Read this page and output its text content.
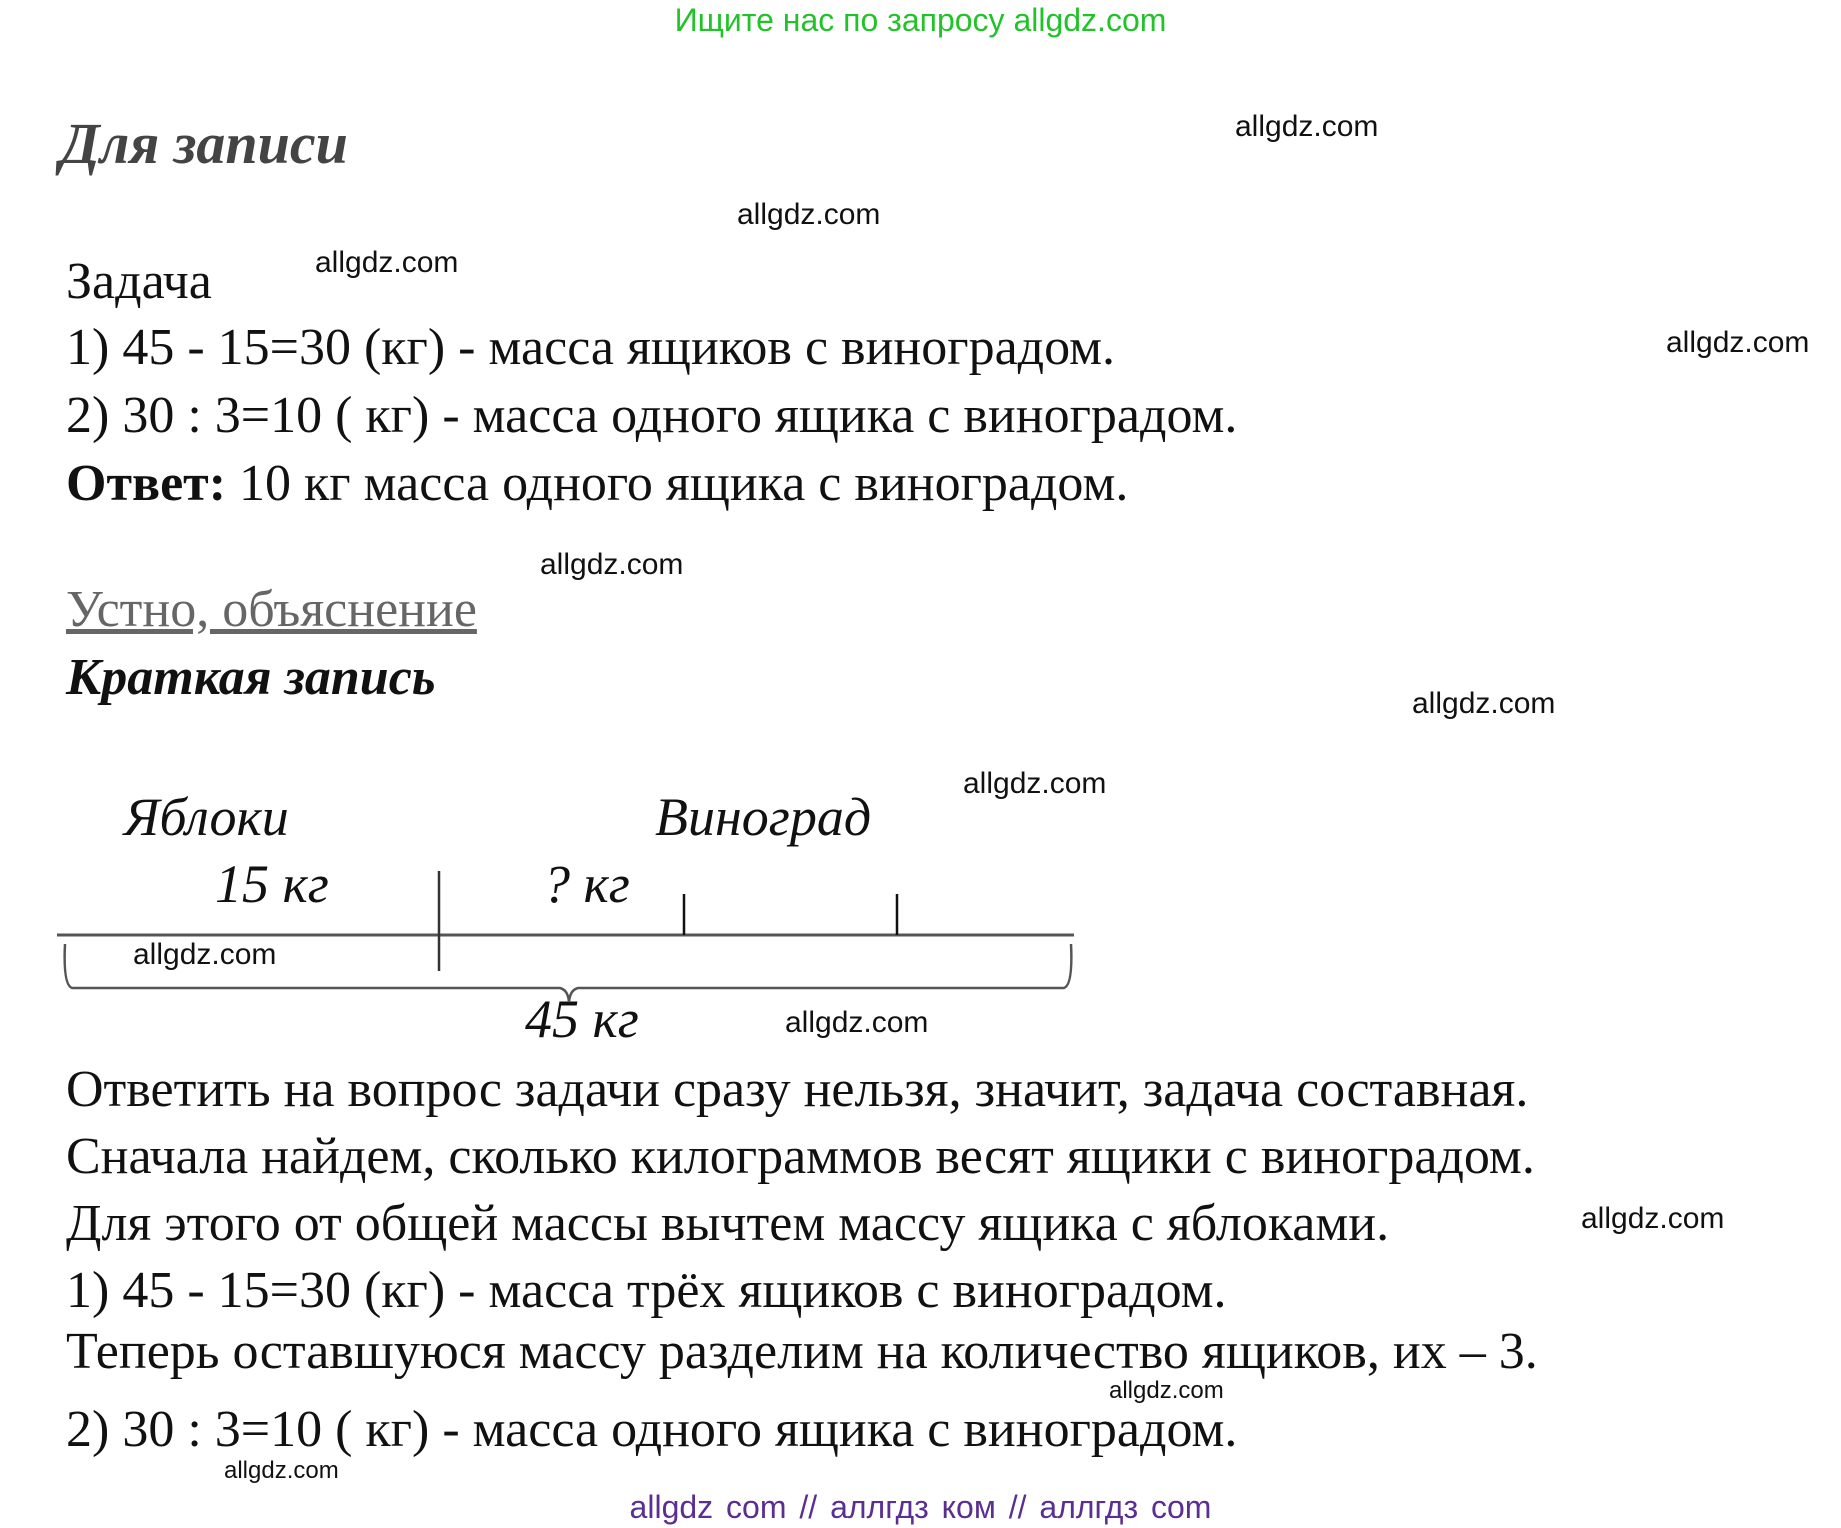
Ищите нас по запросу allgdz.com
Для записи
Задача
1) 45 - 15=30 (кг) - масса ящиков с виноградом.
2) 30 : 3=10 ( кг) - масса одного ящика с виноградом.
Ответ: 10 кг масса одного ящика с виноградом.
Устно, объяснение
Краткая запись
Яблоки	Виноград
15 кг	? кг
45 кг
Ответить на вопрос задачи сразу нельзя, значит, задача составная.
Сначала найдем, сколько килограммов весят ящики с виноградом.
Для этого от общей массы вычтем массу ящика с яблоками.
1) 45 - 15=30 (кг) - масса трёх ящиков с виноградом.
Теперь оставшуюся массу разделим на количество ящиков, их – 3.
2) 30 : 3=10 ( кг) - масса одного ящика с виноградом.
allgdz.com
allgdz.com
allgdz.com
allgdz.com
allgdz.com
allgdz.com
allgdz.com
allgdz.com
allgdz.com
allgdz.com
allgdz.com
allgdz.com
allgdz com // аллгдз ком // аллгдз com
